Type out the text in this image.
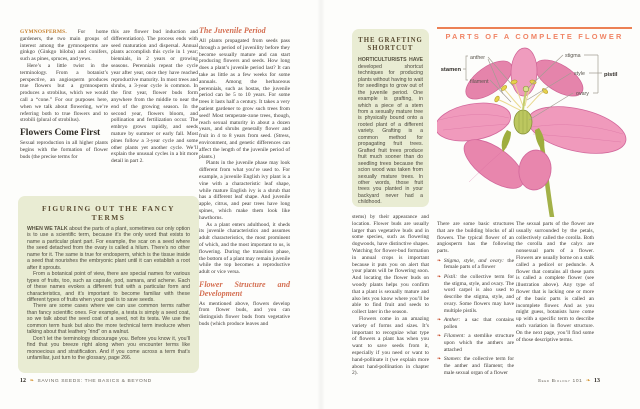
GYMNOSPERMS. For home gardeners, the two main groups of interest among the gymnosperms are ginkgo (Ginkgo biloba) and conifers, such as pines, spruces, and yews.

Here’s a little twist in the terminology. From a botanist’s perspective, an angiosperm produces true flowers but a gymnosperm produces a strobilus, which we would call a “cone.” For our purposes here, when we talk about flowering, we’re referring both to true flowers and to strobili (plural of strobilus).

Flowers Come First

Sexual reproduction in all higher plants begins with the formation of flower buds (the precise terms for

this are flower bud induction and differentiation). The process ends with seed maturation and dispersal. Annual plants accomplish this cycle in 1 year; biennials, in 2 years or growing seasons. Perennials repeat the cycle year after year, once they have reached reproductive maturity. In most trees and shrubs, a 3-year cycle is common. In the first year, flower buds form anywhere from the middle to near the end of the growing season. In the second year, flowers bloom, and pollination and fertilization occur. The embryo grows rapidly, and seeds mature by summer or early fall. Most pines follow a 3-year cycle and some other plants yet another cycle. We’ll explain the unusual cycles in a bit more detail in part 2.

The Juvenile Period

All plants propagated from seeds pass through a period of juvenility before they become sexually mature and can start producing flowers and seeds. How long does a plant’s juvenile period last? It can take as little as a few weeks for some annuals. Among the herbaceous perennials, such as hostas, the juvenile period can be 5 to 10 years. For some trees it lasts half a century. It takes a very patient gardener to grow such trees from seed! Most temperate-zone trees, though, reach sexual maturity in about a dozen years, and shrubs generally flower and fruit in 4 to 8 years from seed. (Stress, environment, and genetic differences can affect the length of the juvenile period of plants.)

Plants in the juvenile phase may look different from what you’re used to. For example, a juvenile English ivy plant is a vine with a characteristic leaf shape, while mature English ivy is a shrub that has a different leaf shape. And juvenile apple, citrus, and pear trees have long spines, which make them look like hawthorns.

As a plant enters adulthood, it sheds its juvenile characteristics and assumes adult characteristics, the most prominent of which, and the most important to us, is flowering. During the transition phase, the bottom of a plant may remain juvenile while the top becomes a reproductive adult or vice versa.

Flower Structure and Development

As mentioned above, flowers develop from flower buds, and you can distinguish flower buds from vegetative buds (which produce leaves and

FIGURING OUT THE FANCY TERMS

WHEN WE TALK about the parts of a plant, sometimes our only option is to use a scientific term, because it’s the only word that exists to name a particular plant part. For example, the scar on a seed where the seed detached from the ovary is called a hilum. There’s no other name for it. The same is true for endosperm, which is the tissue inside a seed that nourishes the embryonic plant until it can establish a root after it sprouts.

From a botanical point of view, there are special names for various types of fruits, too, such as capsule, pod, samara, and achene. Each of these names evokes a different fruit with a particular form and characteristics, and it’s important to become familiar with these different types of fruits when your goal is to save seeds.

There are some cases where we can use common terms rather than fancy scientific ones. For example, a testa is simply a seed coat, so we talk about the seed coat of a seed, not its testa. We use the common term husk but also the more technical term involucre when talking about that leathery “rind” on a walnut.

Don’t let the terminology discourage you. Before you know it, you’ll find that you breeze right along when you encounter terms like monoecious and stratification. And if you come across a term that’s unfamiliar, just turn to the glossary, page 266.

12 ❧ SAVING SEEDS: THE BASICS & BEYOND
THE GRAFTING SHORTCUT

HORTICULTURISTS HAVE developed shortcut techniques for producing plants without having to wait for seedlings to grow out of the juvenile period. One example is grafting, in which a piece of a stem from a sexually mature tree is physically bound onto a rooted plant of a different variety. Grafting is a common method for propagating fruit trees. Grafted fruit trees produce fruit much sooner than do seedling trees because the scion wood was taken from sexually mature trees. In other words, those fruit trees you planted in your backyard never had a childhood.

stems) by their appearance and location. Flower buds are usually larger than vegetative buds and in some species, such as flowering dogwoods, have distinctive shapes. Watching for flower-bud formation in annual crops is important because it puts you on alert that your plants will be flowering soon. And locating the flower buds on woody plants helps you confirm that a plant is sexually mature and also lets you know where you’ll be able to find fruit and seeds to collect later in the season.

Flowers come in an amazing variety of forms and sizes. It’s important to recognize what type of flowers a plant has when you want to save seeds from it, especially if you need or want to hand-pollinate it (we explain more about hand-pollination in chapter 2).

PARTS OF A COMPLETE FLOWER
stigma
style
ovary
pistil
anther
filament
stamen

There are some basic structures that are the building blocks of all flowers. The typical flower of an angiosperm has the following parts.

❧ Stigma, style, and ovary: the female parts of a flower
❧ Pistil: the collective term for the stigma, style, and ovary. The word carpel is also used to describe the stigma, style, and ovary. Some flowers may have multiple pistils.
❧ Anther: a sac that contains pollen
❧ Filament: a stemlike structure upon which the anthers are attached
❧ Stamen: the collective term for the anther and filament; the male sexual organ of a flower

The sexual parts of the flower are usually surrounded by the petals, collectively called the corolla. Both the corolla and the calyx are nonsexual parts of a flower. Flowers are usually borne on a stalk called a pedicel or peduncle. A flower that contains all these parts is called a complete flower (see illustration above). Any type of flower that is lacking one or more of the basic parts is called an incomplete flower. And as you might guess, botanists have come up with a specific term to describe each variation in flower structure. On the next page, you’ll find some of those descriptive terms.

Seed Biology 101 ❧ 13
